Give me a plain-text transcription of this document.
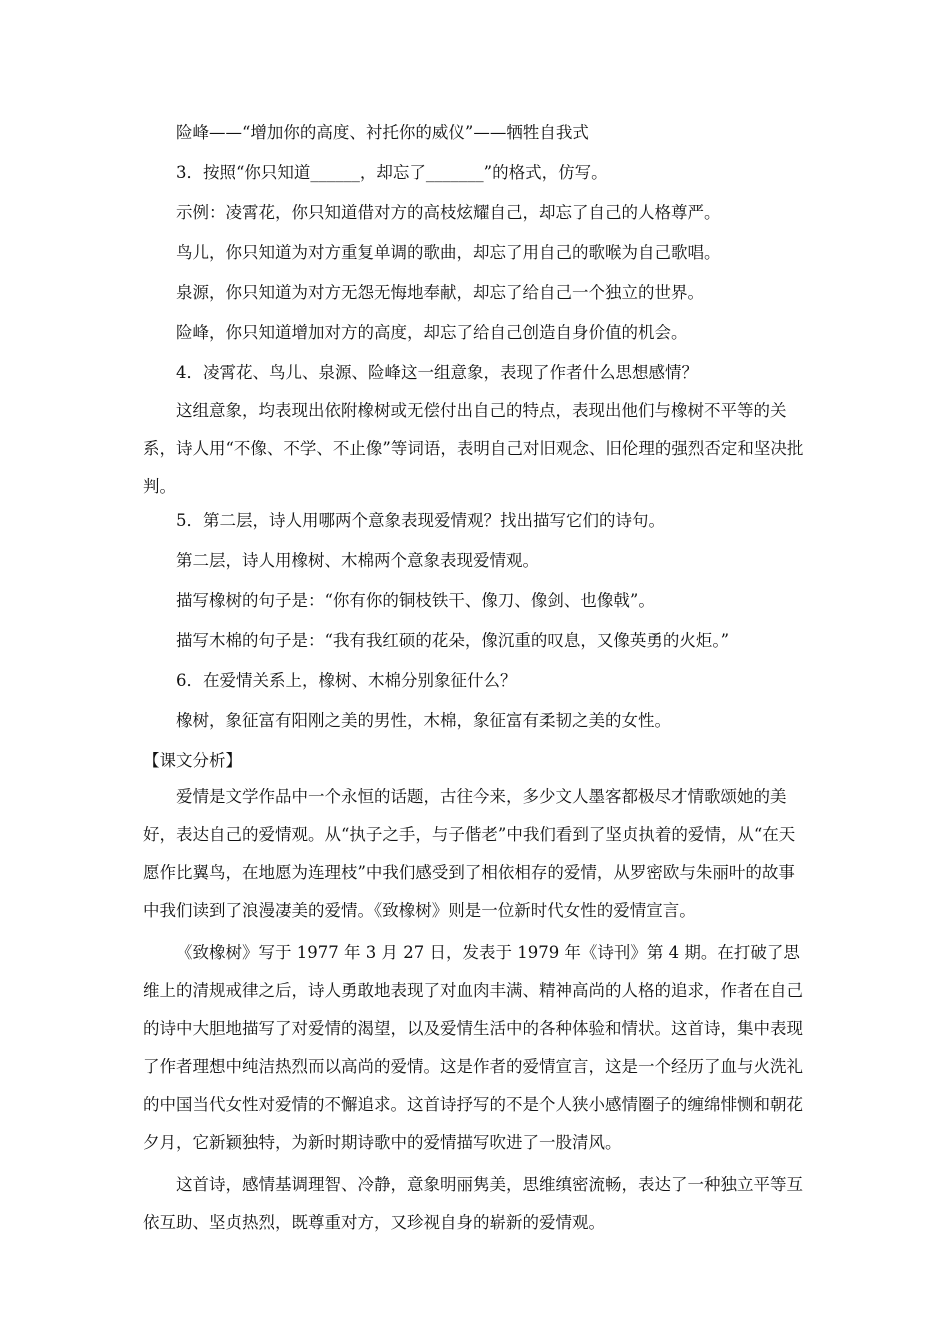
险峰——“增加你的高度、衬托你的威仪”——牺牲自我式

3．按照“你只知道______，却忘了_______”的格式，仿写。

示例：凌霄花，你只知道借对方的高枝炫耀自己，却忘了自己的人格尊严。

鸟儿，你只知道为对方重复单调的歌曲，却忘了用自己的歌喉为自己歌唱。

泉源，你只知道为对方无怨无悔地奉献，却忘了给自己一个独立的世界。

险峰，你只知道增加对方的高度，却忘了给自己创造自身价值的机会。

4．凌霄花、鸟儿、泉源、险峰这一组意象，表现了作者什么思想感情？

这组意象，均表现出依附橡树或无偿付出自己的特点，表现出他们与橡树不平等的关系，诗人用“不像、不学、不止像”等词语，表明自己对旧观念、旧伦理的强烈否定和坚决批判。

5．第二层，诗人用哪两个意象表现爱情观？找出描写它们的诗句。

第二层，诗人用橡树、木棉两个意象表现爱情观。

描写橡树的句子是：“你有你的铜枝铁干、像刀、像剑、也像戟”。

描写木棉的句子是：“我有我红硕的花朵，像沉重的叹息，又像英勇的火炬。”

6．在爱情关系上，橡树、木棉分别象征什么？

橡树，象征富有阳刚之美的男性，木棉，象征富有柔韧之美的女性。

【课文分析】

爱情是文学作品中一个永恒的话题，古往今来，多少文人墨客都极尽才情歌颂她的美好，表达自己的爱情观。从“执子之手，与子偕老”中我们看到了坚贞执着的爱情，从“在天愿作比翼鸟，在地愿为连理枝”中我们感受到了相依相存的爱情，从罗密欧与朱丽叶的故事中我们读到了浪漫凄美的爱情。《致橡树》则是一位新时代女性的爱情宣言。

《致橡树》写于 1977 年 3 月 27 日，发表于 1979 年《诗刊》第 4 期。在打破了思维上的清规戒律之后，诗人勇敢地表现了对血肉丰满、精神高尚的人格的追求，作者在自己的诗中大胆地描写了对爱情的渴望，以及爱情生活中的各种体验和情状。这首诗，集中表现了作者理想中纯洁热烈而以高尚的爱情。这是作者的爱情宣言，这是一个经历了血与火洗礼的中国当代女性对爱情的不懈追求。这首诗抒写的不是个人狭小感情圈子的缠绵悱恻和朝花夕月，它新颖独特，为新时期诗歌中的爱情描写吹进了一股清风。

这首诗，感情基调理智、冷静，意象明丽隽美，思维缜密流畅，表达了一种独立平等互依互助、坚贞热烈，既尊重对方，又珍视自身的崭新的爱情观。
